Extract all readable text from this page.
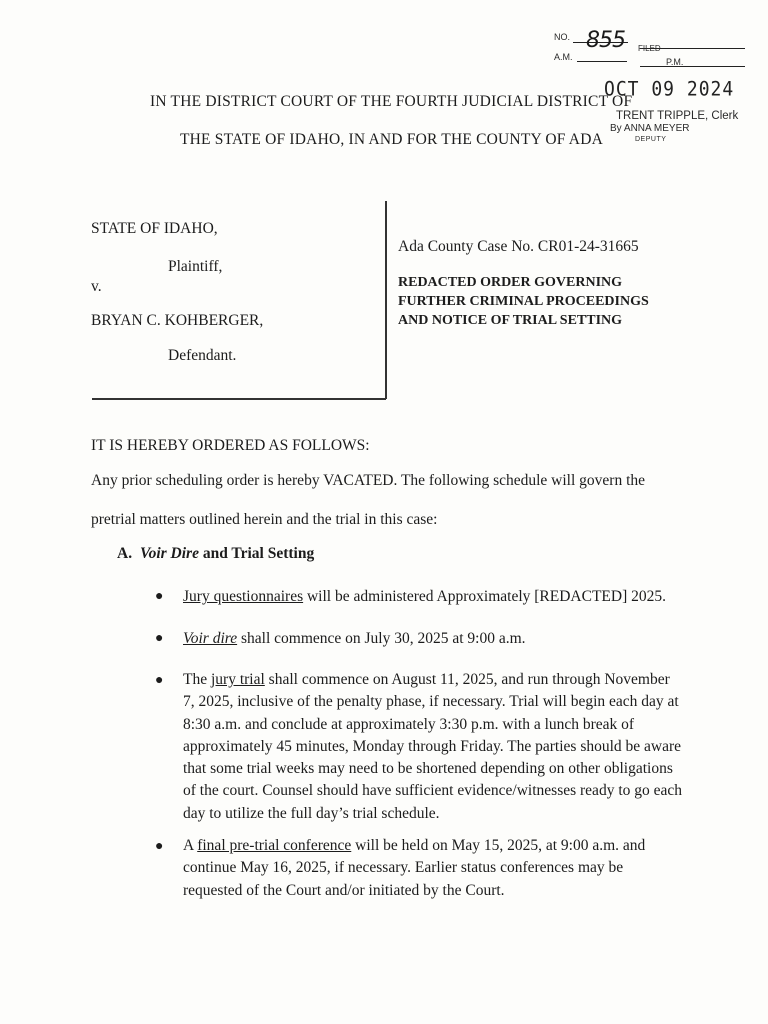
NO. 855 FILED
A.M.	P.M.
OCT 09 2024
TRENT TRIPPLE, Clerk
By ANNA MEYER
DEPUTY
IN THE DISTRICT COURT OF THE FOURTH JUDICIAL DISTRICT OF
THE STATE OF IDAHO, IN AND FOR THE COUNTY OF ADA
STATE OF IDAHO,
Plaintiff,
v.
BRYAN C. KOHBERGER,
Defendant.
Ada County Case No. CR01-24-31665
REDACTED ORDER GOVERNING
FURTHER CRIMINAL PROCEEDINGS
AND NOTICE OF TRIAL SETTING
IT IS HEREBY ORDERED AS FOLLOWS:
Any prior scheduling order is hereby VACATED. The following schedule will govern the
pretrial matters outlined herein and the trial in this case:
A. Voir Dire and Trial Setting
● Jury questionnaires will be administered Approximately [REDACTED] 2025.
● Voir dire shall commence on July 30, 2025 at 9:00 a.m.
● The jury trial shall commence on August 11, 2025, and run through November 7, 2025, inclusive of the penalty phase, if necessary. Trial will begin each day at 8:30 a.m. and conclude at approximately 3:30 p.m. with a lunch break of approximately 45 minutes, Monday through Friday. The parties should be aware that some trial weeks may need to be shortened depending on other obligations of the court. Counsel should have sufficient evidence/witnesses ready to go each day to utilize the full day’s trial schedule.
● A final pre-trial conference will be held on May 15, 2025, at 9:00 a.m. and continue May 16, 2025, if necessary. Earlier status conferences may be requested of the Court and/or initiated by the Court.
